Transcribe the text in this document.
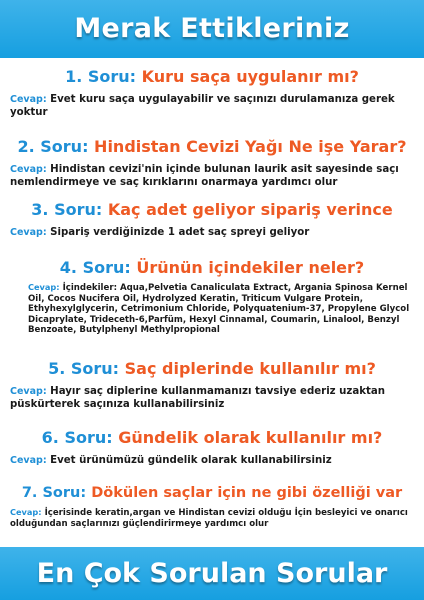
Merak Ettikleriniz
1. Soru: Kuru saça uygulanır mı?
Cevap: Evet kuru saça uygulayabilir ve saçınızı durulamanıza gerek yoktur
2. Soru: Hindistan Cevizi Yağı Ne işe Yarar?
Cevap: Hindistan cevizi'nin içinde bulunan laurik asit sayesinde saçı nemlendirmeye ve saç kırıklarını onarmaya yardımcı olur
3. Soru: Kaç adet geliyor sipariş verince
Cevap: Sipariş verdiğinizde 1 adet saç spreyi geliyor
4. Soru: Ürünün içindekiler neler?
Cevap: İçindekiler: Aqua,Pelvetia Canaliculata Extract, Argania Spinosa Kernel Oil, Cocos Nucifera Oil, Hydrolyzed Keratin, Triticum Vulgare Protein, Ethyhexylglycerin, Cetrimonium Chloride, Polyquatenium-37, Propylene Glycol Dicaprylate, Trideceth-6,Parfüm, Hexyl Cinnamal, Coumarin, Linalool, Benzyl Benzoate, Butylphenyl Methylpropional
5. Soru: Saç diplerinde kullanılır mı?
Cevap: Hayır saç diplerine kullanmamanızı tavsiye ederiz uzaktan püskürterek saçınıza kullanabilirsiniz
6. Soru: Gündelik olarak kullanılır mı?
Cevap: Evet ürünümüzü gündelik olarak kullanabilirsiniz
7. Soru: Dökülen saçlar için ne gibi özelliği var
Cevap: İçerisinde keratin,argan ve Hindistan cevizi olduğu İçin besleyici ve onarıcı olduğundan saçlarınızı güçlendirirmeye yardımcı olur
En Çok Sorulan Sorular
